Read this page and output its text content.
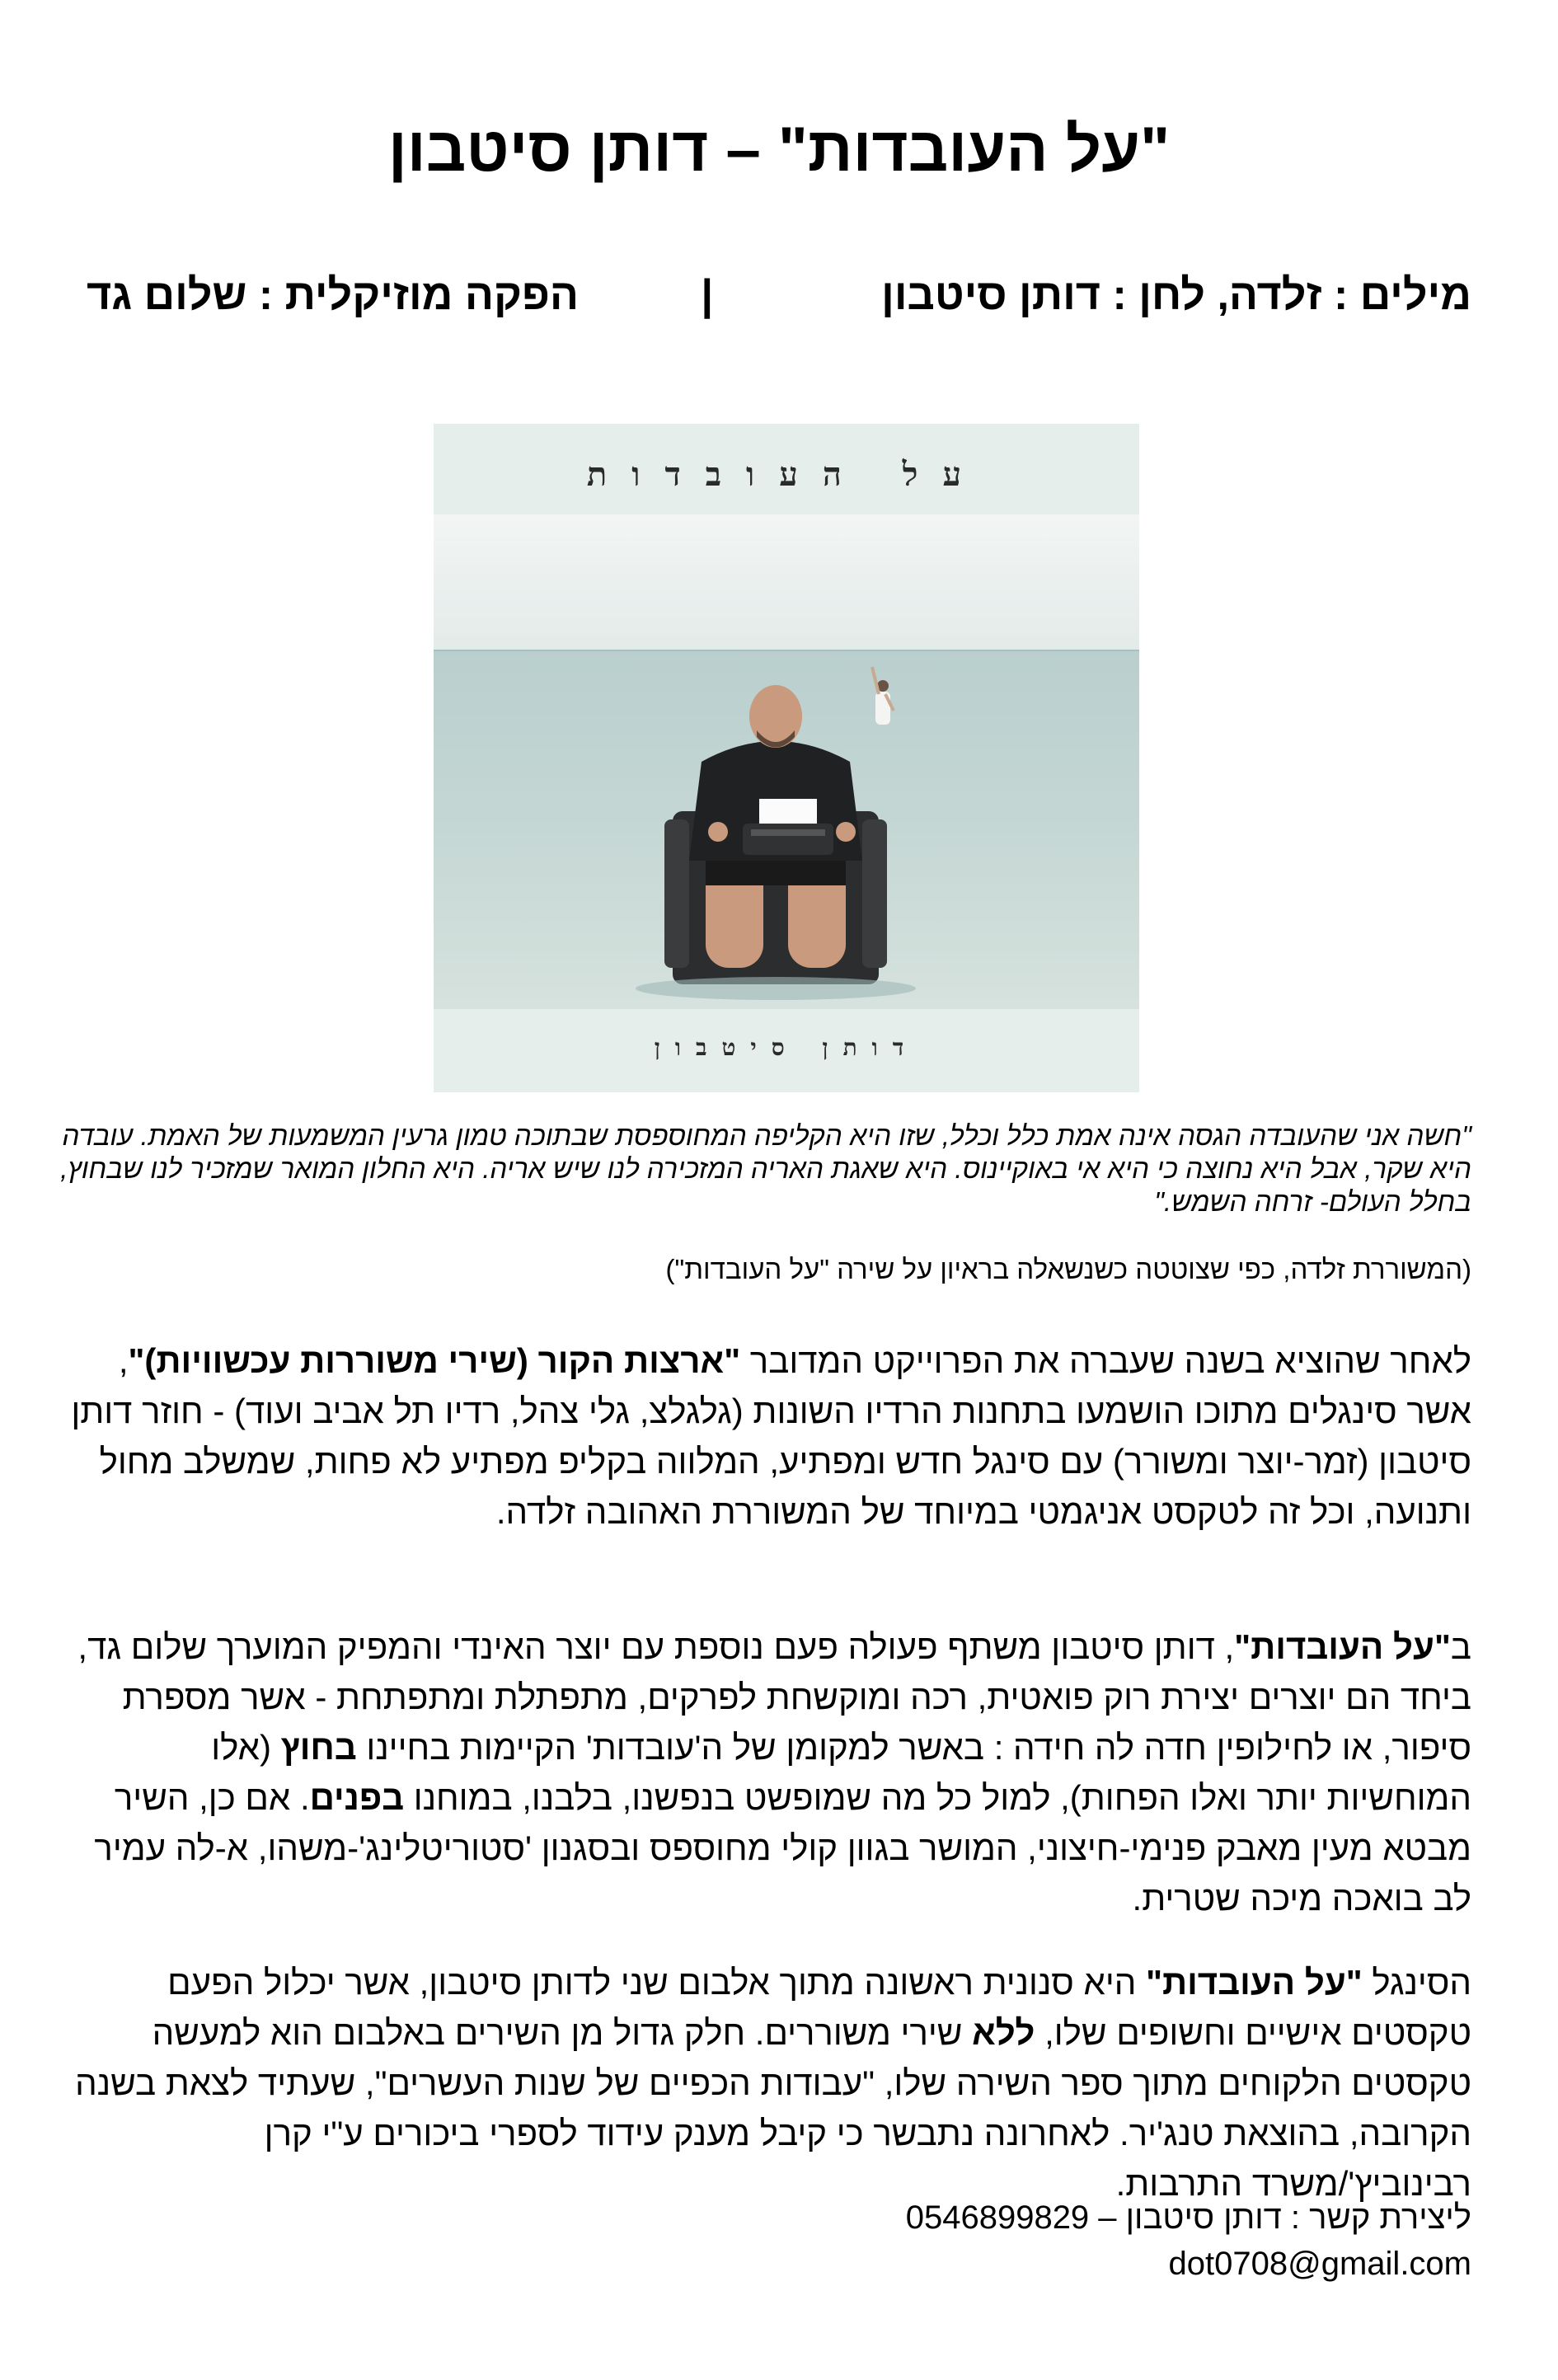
"על העובדות" – דותן סיטבון
מילים : זלדה, לחן : דותן סיטבון
|
הפקה מוזיקלית : שלום גד
על העובדות
דותן סיטבון

"חשה אני שהעובדה הגסה אינה אמת כלל וכלל, שזו היא הקליפה המחוספסת שבתוכה טמון גרעין המשמעות של האמת. עובדה היא שקר, אבל היא נחוצה כי היא אי באוקיינוס. היא שאגת האריה המזכירה לנו שיש אריה. היא החלון המואר שמזכיר לנו שבחוץ, בחלל העולם- זרחה השמש."

(המשוררת זלדה, כפי שצוטטה כשנשאלה בראיון על שירה "על העובדות")

לאחר שהוציא בשנה שעברה את הפרוייקט המדובר "ארצות הקור (שירי משוררות עכשוויות)", אשר סינגלים מתוכו הושמעו בתחנות הרדיו השונות (גלגלצ, גלי צהל, רדיו תל אביב ועוד) - חוזר דותן סיטבון (זמר-יוצר ומשורר) עם סינגל חדש ומפתיע, המלווה בקליפ מפתיע לא פחות, שמשלב מחול ותנועה, וכל זה לטקסט אניגמטי במיוחד של המשוררת האהובה זלדה.

ב"על העובדות", דותן סיטבון משתף פעולה פעם נוספת עם יוצר האינדי והמפיק המוערך שלום גד, ביחד הם יוצרים יצירת רוק פואטית, רכה ומוקשחת לפרקים, מתפתלת ומתפתחת - אשר מספרת סיפור, או לחילופין חדה לה חידה : באשר למקומן של ה'עובדות' הקיימות בחיינו בחוץ (אלו המוחשיות יותר ואלו הפחות), למול כל מה שמופשט בנפשנו, בלבנו, במוחנו בפנים. אם כן, השיר מבטא מעין מאבק פנימי-חיצוני, המושר בגוון קולי מחוספס ובסגנון 'סטוריטלינג'-משהו, א-לה עמיר לב בואכה מיכה שטרית.

הסינגל "על העובדות" היא סנונית ראשונה מתוך אלבום שני לדותן סיטבון, אשר יכלול הפעם טקסטים אישיים וחשופים שלו, ללא שירי משוררים. חלק גדול מן השירים באלבום הוא למעשה טקסטים הלקוחים מתוך ספר השירה שלו, "עבודות הכפיים של שנות העשרים", שעתיד לצאת בשנה הקרובה, בהוצאת טנג'יר. לאחרונה נתבשר כי קיבל מענק עידוד לספרי ביכורים ע"י קרן רבינוביץ'/משרד התרבות.

ליצירת קשר : דותן סיטבון – 0546899829
dot0708@gmail.com
